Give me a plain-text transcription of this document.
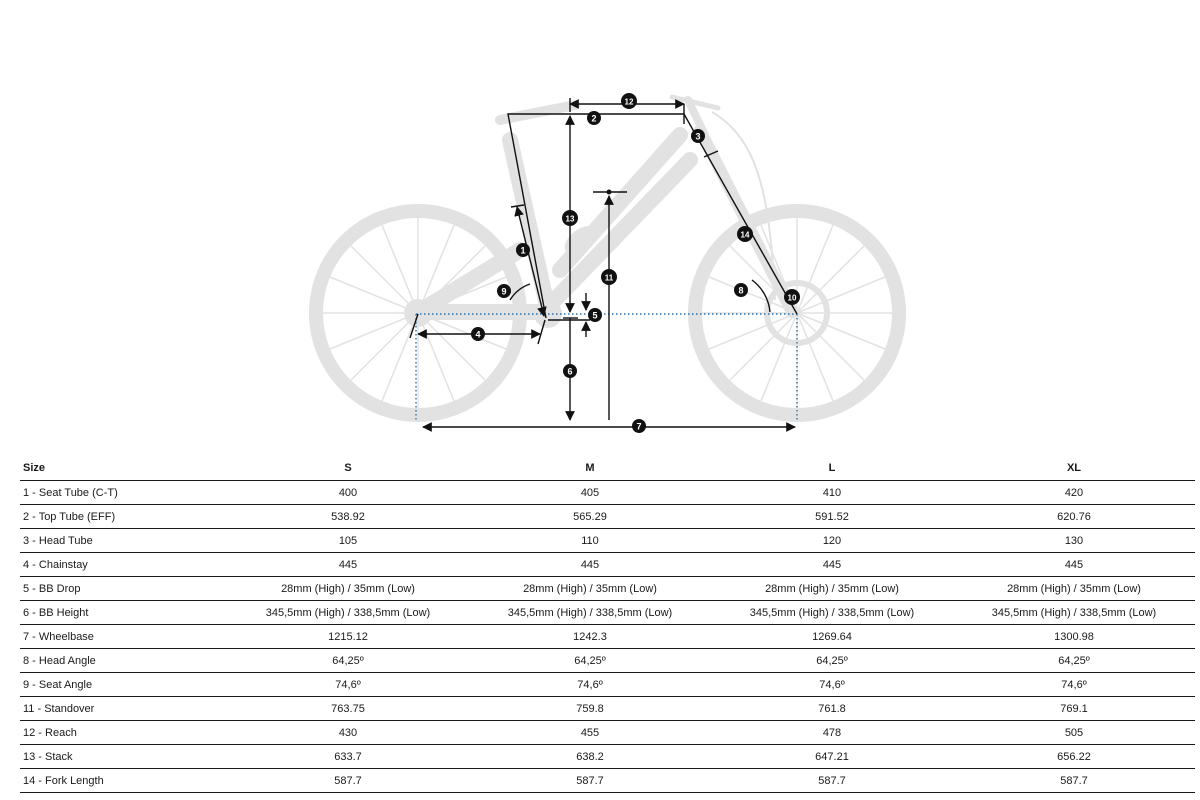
1
2
3
4
5
6
7
8
9
10
11
12
13
14
Size	S	M	L	XL
1 - Seat Tube (C-T)	400	405	410	420
2 - Top Tube (EFF)	538.92	565.29	591.52	620.76
3 - Head Tube	105	110	120	130
4 - Chainstay	445	445	445	445
5 - BB Drop	28mm (High) / 35mm (Low)	28mm (High) / 35mm (Low)	28mm (High) / 35mm (Low)	28mm (High) / 35mm (Low)
6 - BB Height	345,5mm (High) / 338,5mm (Low)	345,5mm (High) / 338,5mm (Low)	345,5mm (High) / 338,5mm (Low)	345,5mm (High) / 338,5mm (Low)
7 - Wheelbase	1215.12	1242.3	1269.64	1300.98
8 - Head Angle	64,25º	64,25º	64,25º	64,25º
9 - Seat Angle	74,6º	74,6º	74,6º	74,6º
11 - Standover	763.75	759.8	761.8	769.1
12 - Reach	430	455	478	505
13 - Stack	633.7	638.2	647.21	656.22
14 - Fork Length	587.7	587.7	587.7	587.7
